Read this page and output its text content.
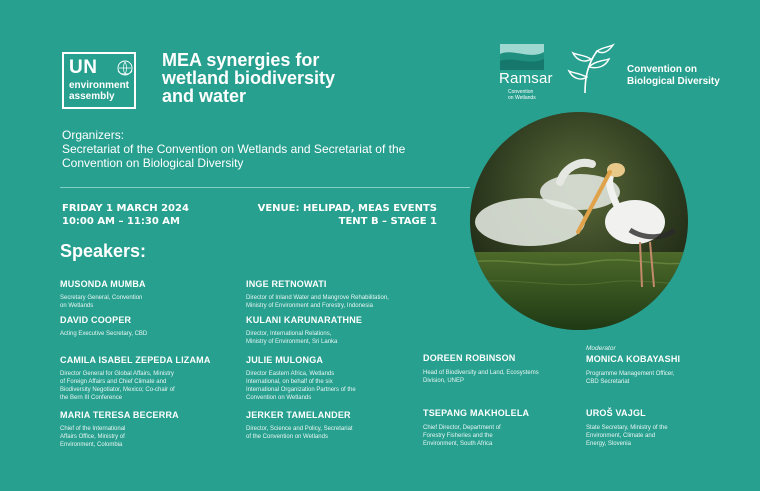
UN
environment
assembly
MEA synergies for
wetland biodiversity
and water
Ramsar
Convention
on Wetlands
Convention on
Biological Diversity
Organizers:
Secretariat of the Convention on Wetlands and Secretariat of the
Convention on Biological Diversity
FRIDAY 1 MARCH 2024
10:00 AM – 11:30 AM
VENUE: HELIPAD, MEAS EVENTS
TENT B – STAGE 1
Speakers:
MUSONDA MUMBA
Secretary General, Convention
on Wetlands
DAVID COOPER
Acting Executive Secretary, CBD
CAMILA ISABEL ZEPEDA LIZAMA
Director General for Global Affairs, Ministry
of Foreign Affairs and Chief Climate and
Biodiversity Negotiator, Mexico; Co-chair of
the Bern III Conference
MARIA TERESA BECERRA
Chief of the International
Affairs Office, Ministry of
Environment, Colombia
INGE RETNOWATI
Director of Inland Water and Mangrove Rehabilitation,
Ministry of Environment and Forestry, Indonesia
KULANI KARUNARATHNE
Director, International Relations,
Ministry of Environment, Sri Lanka
JULIE MULONGA
Director Eastern Africa, Wetlands
International, on behalf of the six
International Organization Partners of the
Convention on Wetlands
JERKER TAMELANDER
Director, Science and Policy, Secretariat
of the Convention on Wetlands
DOREEN ROBINSON
Head of Biodiversity and Land, Ecosystems
Division, UNEP
TSEPANG MAKHOLELA
Chief Director, Department of
Forestry Fisheries and the
Environment, South Africa
Moderator
MONICA KOBAYASHI
Programme Management Officer,
CBD Secretariat
UROŠ VAJGL
State Secretary, Ministry of the
Environment, Climate and
Energy, Slovenia
